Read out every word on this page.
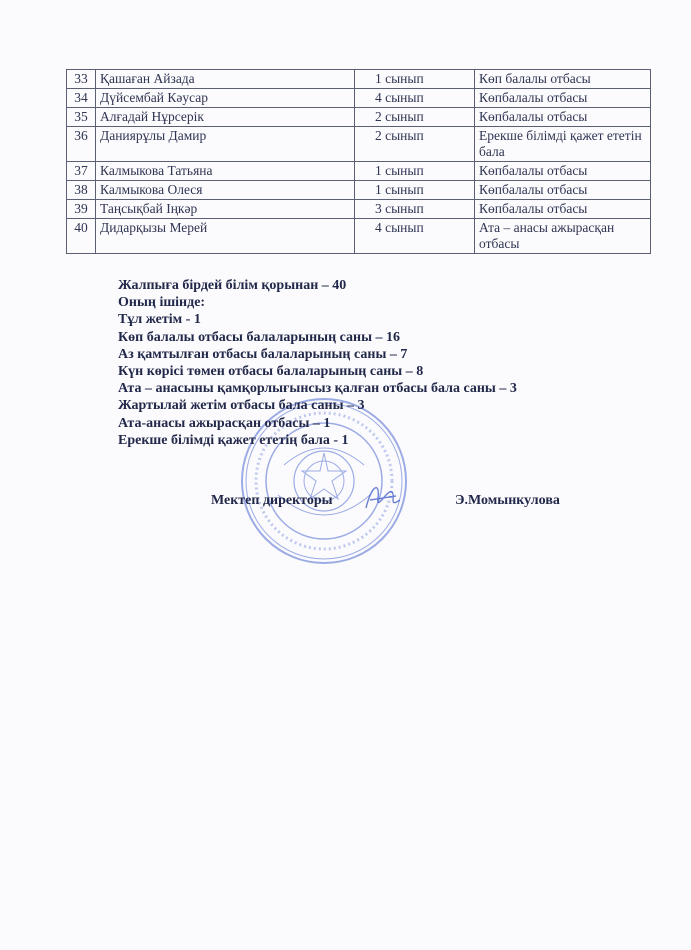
33	Қашаған Айзада	1 сынып	Көп балалы отбасы
34	Дүйсембай Кәусар	4 сынып	Көпбалалы отбасы
35	Алғадай Нұрсерік	2 сынып	Көпбалалы отбасы
36	Даниярұлы Дамир	2 сынып	Ерекше білімді қажет ететін бала
37	Калмыкова Татьяна	1 сынып	Көпбалалы отбасы
38	Калмыкова Олеся	1 сынып	Көпбалалы отбасы
39	Таңсықбай Іңкәр	3 сынып	Көпбалалы отбасы
40	Дидарқызы Мерей	4 сынып	Ата – анасы ажырасқан отбасы
Жалпыға бірдей білім қорынан – 40
Оның ішінде:
Тұл жетім - 1
Көп балалы отбасы балаларының саны – 16
Аз қамтылған отбасы балаларының саны – 7
Күн көрісі төмен отбасы балаларының саны – 8
Ата – анасыны қамқорлығынсыз қалған отбасы бала саны – 3
Жартылай жетім отбасы бала саны – 3
Ата-анасы ажырасқан отбасы – 1
Ерекше білімді қажет ететің бала - 1
Мектеп директоры	Э.Момынкулова
